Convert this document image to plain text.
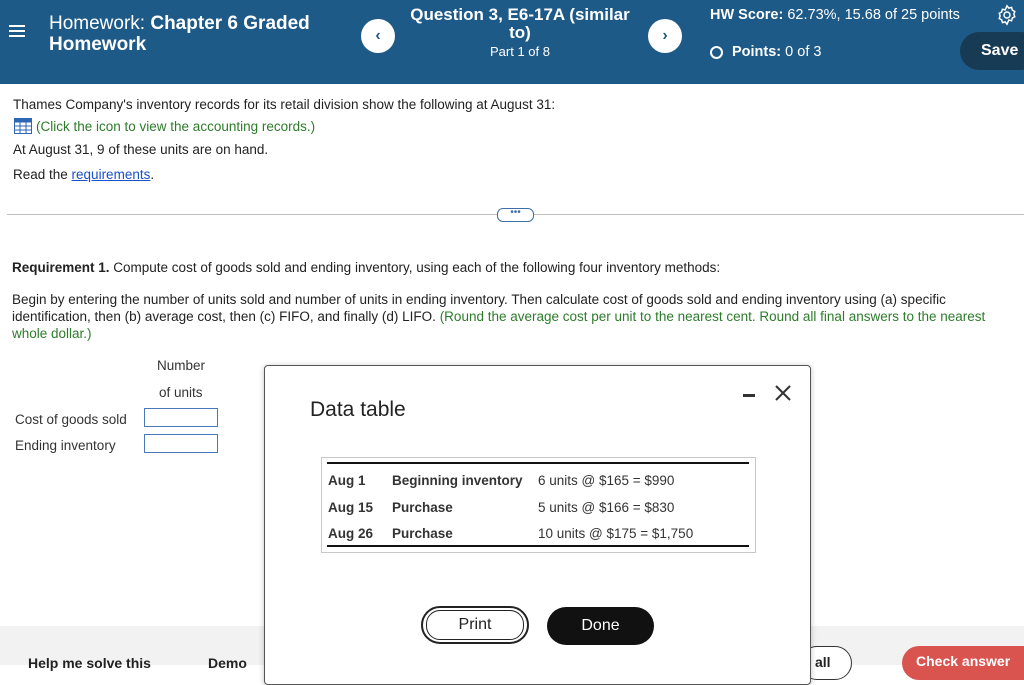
Homework: Chapter 6 Graded Homework	‹
Question 3, E6-17A (similar to)
Part 1 of 8
›
HW Score: 62.73%, 15.68 of 25 points
Points:
0 of 3	Save
Thames Company's inventory records for its retail division show the following at August 31:
(Click the icon to view the accounting records.)
At August 31, 9 of these units are on hand.
Read the requirements.
•••
Requirement 1. Compute cost of goods sold and ending inventory, using each of the following four inventory methods:
Begin by entering the number of units sold and number of units in ending inventory. Then calculate cost of goods sold and ending inventory using (a) specific identification, then (b) average cost, then (c) FIFO, and finally (d) LIFO. (Round the average cost per unit to the nearest cent. Round all final answers to the nearest whole dollar.)
Number
of units
Cost of goods sold
Ending inventory
Help me solve this	Demo	all	Check answer
Data table
Aug 1 Beginning inventory 6 units @ $165 = $990
Aug 15 Purchase	5 units @ $166 = $830
Aug 26 Purchase	10 units @ $175 = $1,750
Print	Done
